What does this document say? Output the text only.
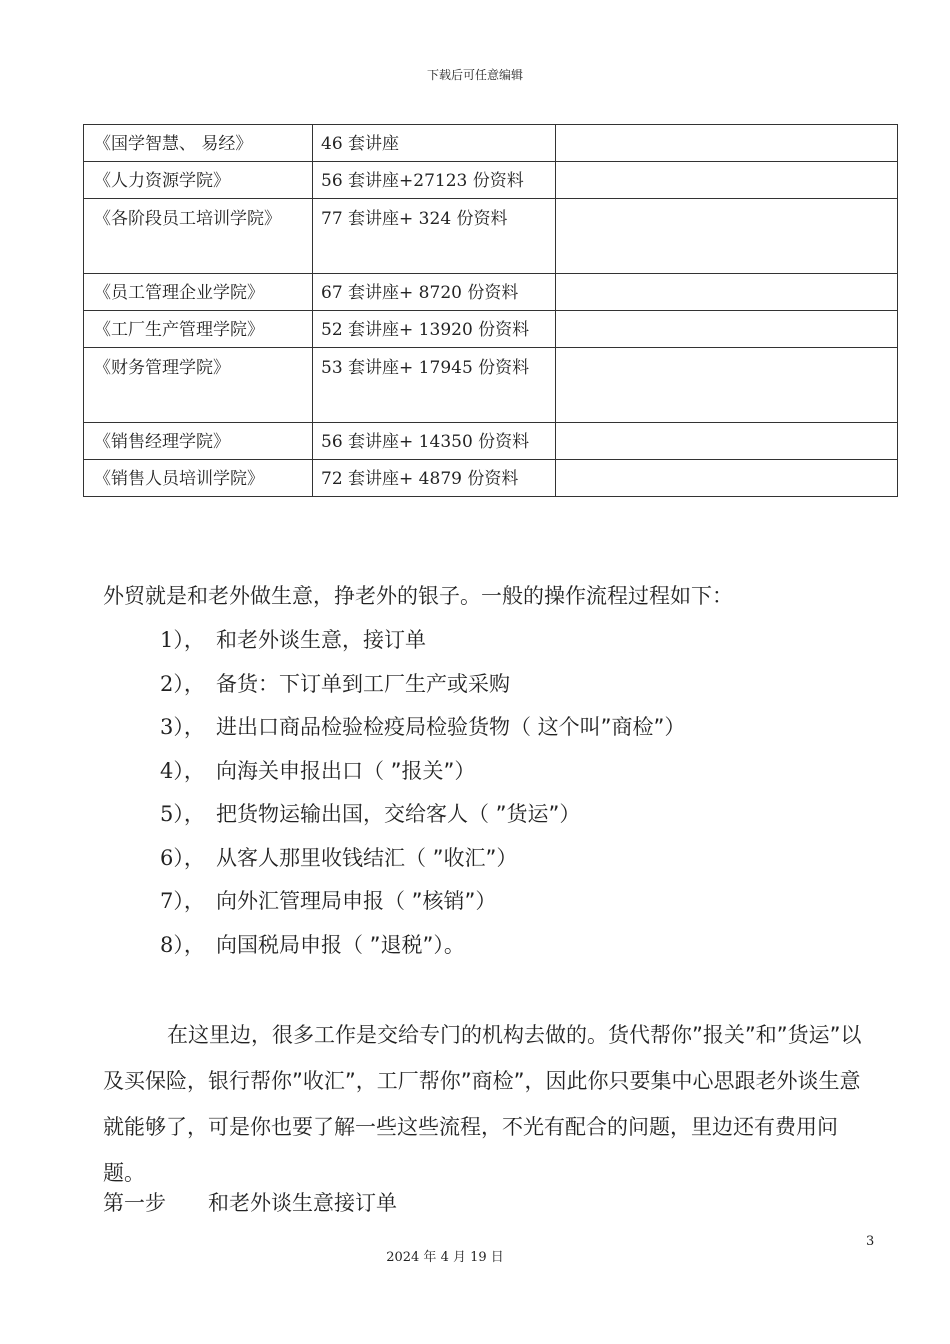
下载后可任意编辑
《国学智慧、 易经》	46 套讲座	
《人力资源学院》	56 套讲座+27123 份资料	
《各阶段员工培训学院》	77 套讲座+ 324 份资料	
《员工管理企业学院》	67 套讲座+ 8720 份资料	
《工厂生产管理学院》	52 套讲座+ 13920 份资料	
《财务管理学院》	53 套讲座+ 17945 份资料	
《销售经理学院》	56 套讲座+ 14350 份资料	
《销售人员培训学院》	72 套讲座+ 4879 份资料	
外贸就是和老外做生意，挣老外的银子。一般的操作流程过程如下：
1）， 和老外谈生意，接订单
2）， 备货：下订单到工厂生产或采购
3）， 进出口商品检验检疫局检验货物（ 这个叫”商检”）
4）， 向海关申报出口（ ”报关”）
5）， 把货物运输出国，交给客人（ ”货运”）
6）， 从客人那里收钱结汇（ ”收汇”）
7）， 向外汇管理局申报（ ”核销”）
8）， 向国税局申报（ ”退税”）。
在这里边，很多工作是交给专门的机构去做的。货代帮你”报关”和”货运”以及买保险，银行帮你”收汇”，工厂帮你”商检”，因此你只要集中心思跟老外谈生意就能够了，可是你也要了解一些这些流程，不光有配合的问题，里边还有费用问题。
第一步　　和老外谈生意接订单
3
2024 年 4 月 19 日
